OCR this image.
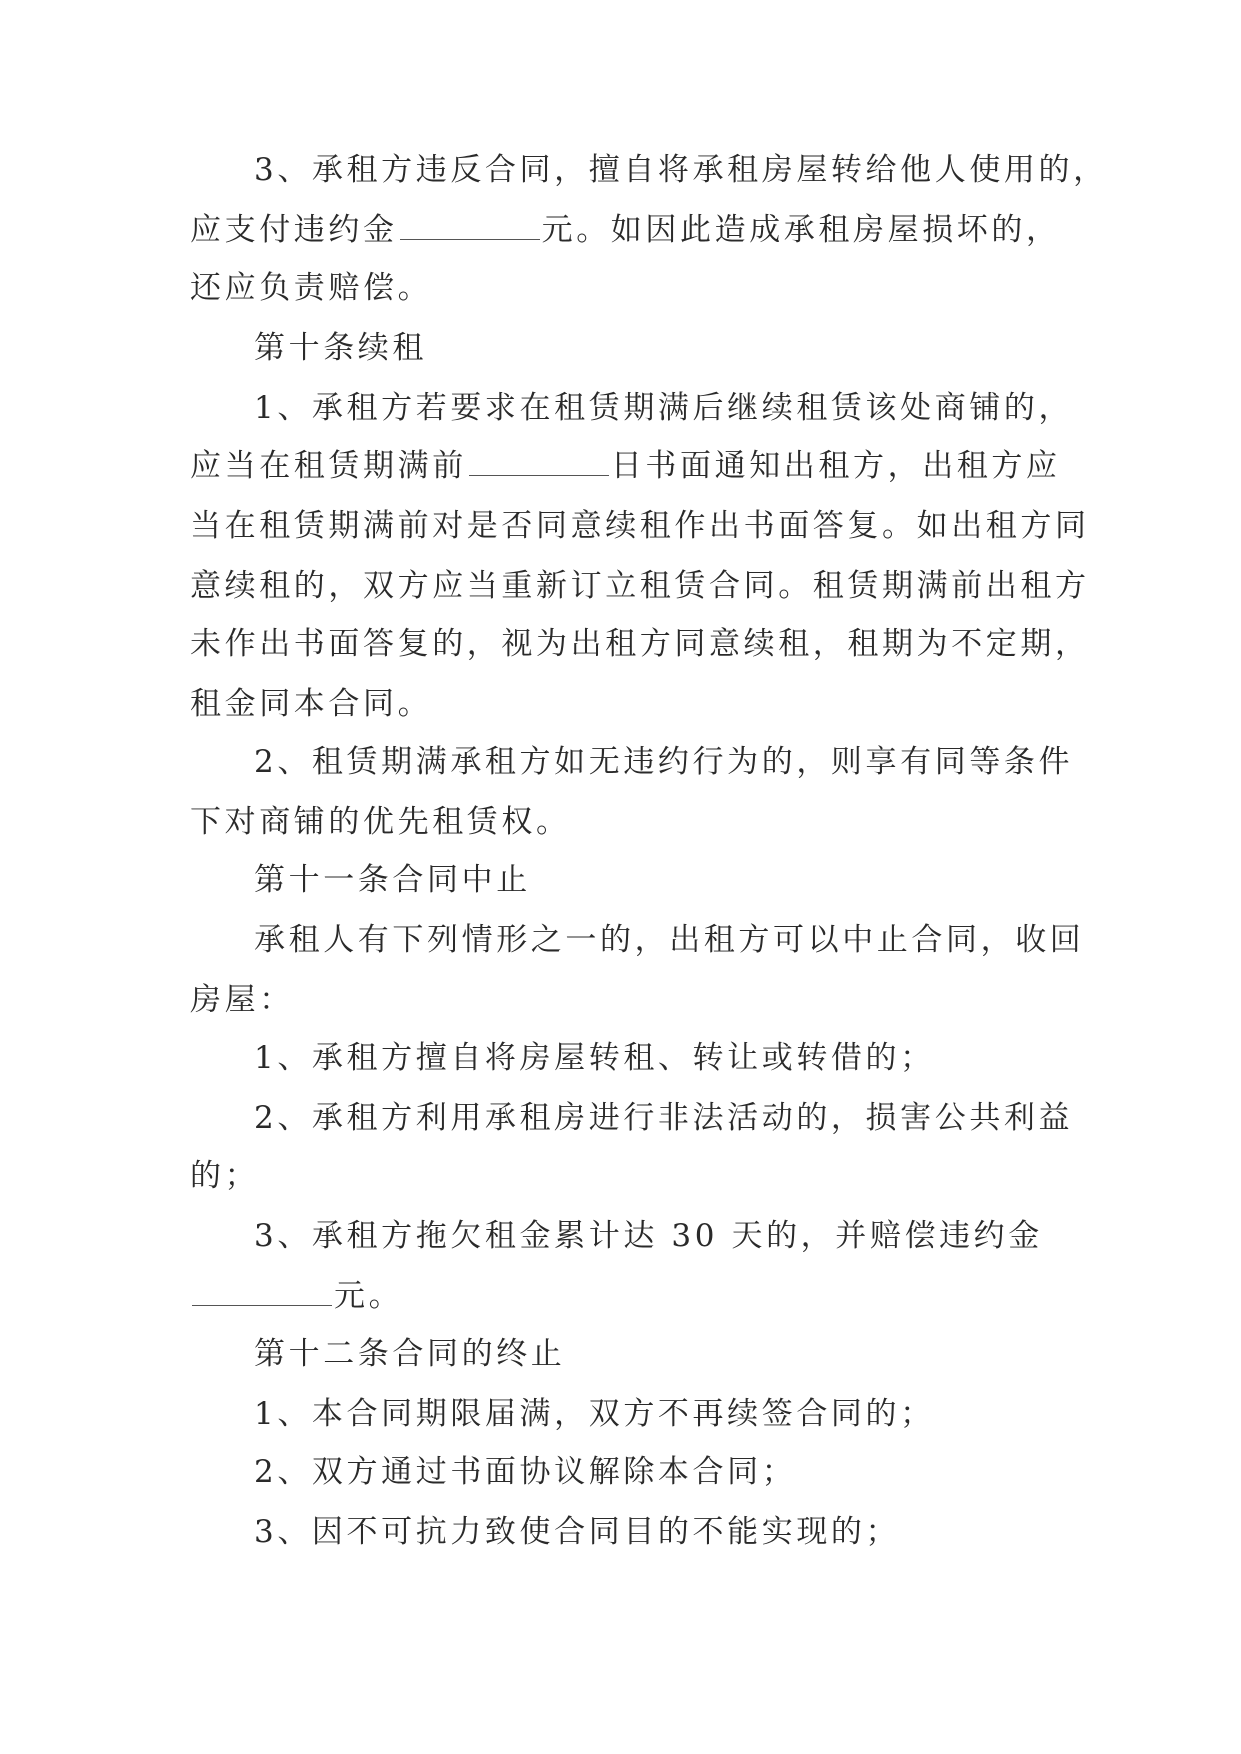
3、承租方违反合同，擅自将承租房屋转给他人使用的，
应支付违约金	元。如因此造成承租房屋损坏的，
还应负责赔偿。
第十条续租
1、承租方若要求在租赁期满后继续租赁该处商铺的，
应当在租赁期满前	日书面通知出租方，出租方应
当在租赁期满前对是否同意续租作出书面答复。如出租方同
意续租的，双方应当重新订立租赁合同。租赁期满前出租方
未作出书面答复的，视为出租方同意续租，租期为不定期，
租金同本合同。
2、租赁期满承租方如无违约行为的，则享有同等条件
下对商铺的优先租赁权。
第十一条合同中止
承租人有下列情形之一的，出租方可以中止合同，收回
房屋：
1、承租方擅自将房屋转租、转让或转借的；
2、承租方利用承租房进行非法活动的，损害公共利益
的；
3、承租方拖欠租金累计达 30 天的，并赔偿违约金
元。
第十二条合同的终止
1、本合同期限届满，双方不再续签合同的；
2、双方通过书面协议解除本合同；
3、因不可抗力致使合同目的不能实现的；
